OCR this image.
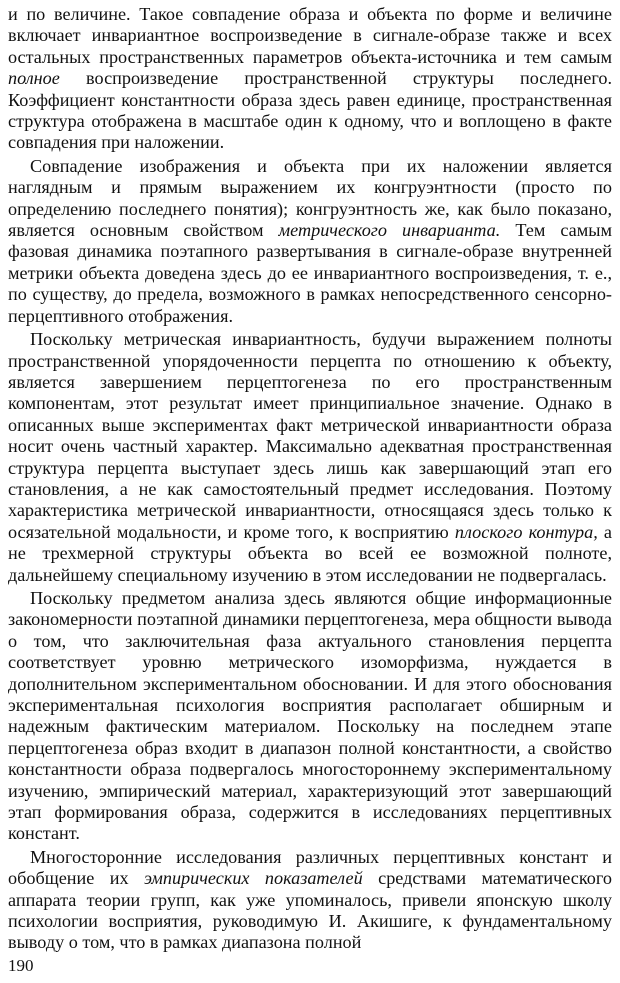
и по величине. Такое совпадение образа и объекта по форме и величине включает инвариантное воспроизведение в сигнале-образе также и всех остальных пространственных параметров объекта-источника и тем самым полное воспроизведение пространственной структуры последнего. Коэффициент константности образа здесь равен единице, пространственная структура отображена в масштабе один к одному, что и воплощено в факте совпадения при наложении.

Совпадение изображения и объекта при их наложении является наглядным и прямым выражением их конгруэнтности (просто по определению последнего понятия); конгруэнтность же, как было показано, является основным свойством метрического инварианта. Тем самым фазовая динамика поэтапного развертывания в сигнале-образе внутренней метрики объекта доведена здесь до ее инвариантного воспроизведения, т. е., по существу, до предела, возможного в рамках непосредственного сенсорно-перцептивного отображения.

Поскольку метрическая инвариантность, будучи выражением полноты пространственной упорядоченности перцепта по отношению к объекту, является завершением перцептогенеза по его пространственным компонентам, этот результат имеет принципиальное значение. Однако в описанных выше экспериментах факт метрической инвариантности образа носит очень частный характер. Максимально адекватная пространственная структура перцепта выступает здесь лишь как завершающий этап его становления, а не как самостоятельный предмет исследования. Поэтому характеристика метрической инвариантности, относящаяся здесь только к осязательной модальности, и кроме того, к восприятию плоского контура, а не трехмерной структуры объекта во всей ее возможной полноте, дальнейшему специальному изучению в этом исследовании не подвергалась.

Поскольку предметом анализа здесь являются общие информационные закономерности поэтапной динамики перцептогенеза, мера общности вывода о том, что заключительная фаза актуального становления перцепта соответствует уровню метрического изоморфизма, нуждается в дополнительном экспериментальном обосновании. И для этого обоснования экспериментальная психология восприятия располагает обширным и надежным фактическим материалом. Поскольку на последнем этапе перцептогенеза образ входит в диапазон полной константности, а свойство константности образа подвергалось многостороннему экспериментальному изучению, эмпирический материал, характеризующий этот завершающий этап формирования образа, содержится в исследованиях перцептивных констант.

Многосторонние исследования различных перцептивных констант и обобщение их эмпирических показателей средствами математического аппарата теории групп, как уже упоминалось, привели японскую школу психологии восприятия, руководимую И. Акишиге, к фундаментальному выводу о том, что в рамках диапазона полной

190
